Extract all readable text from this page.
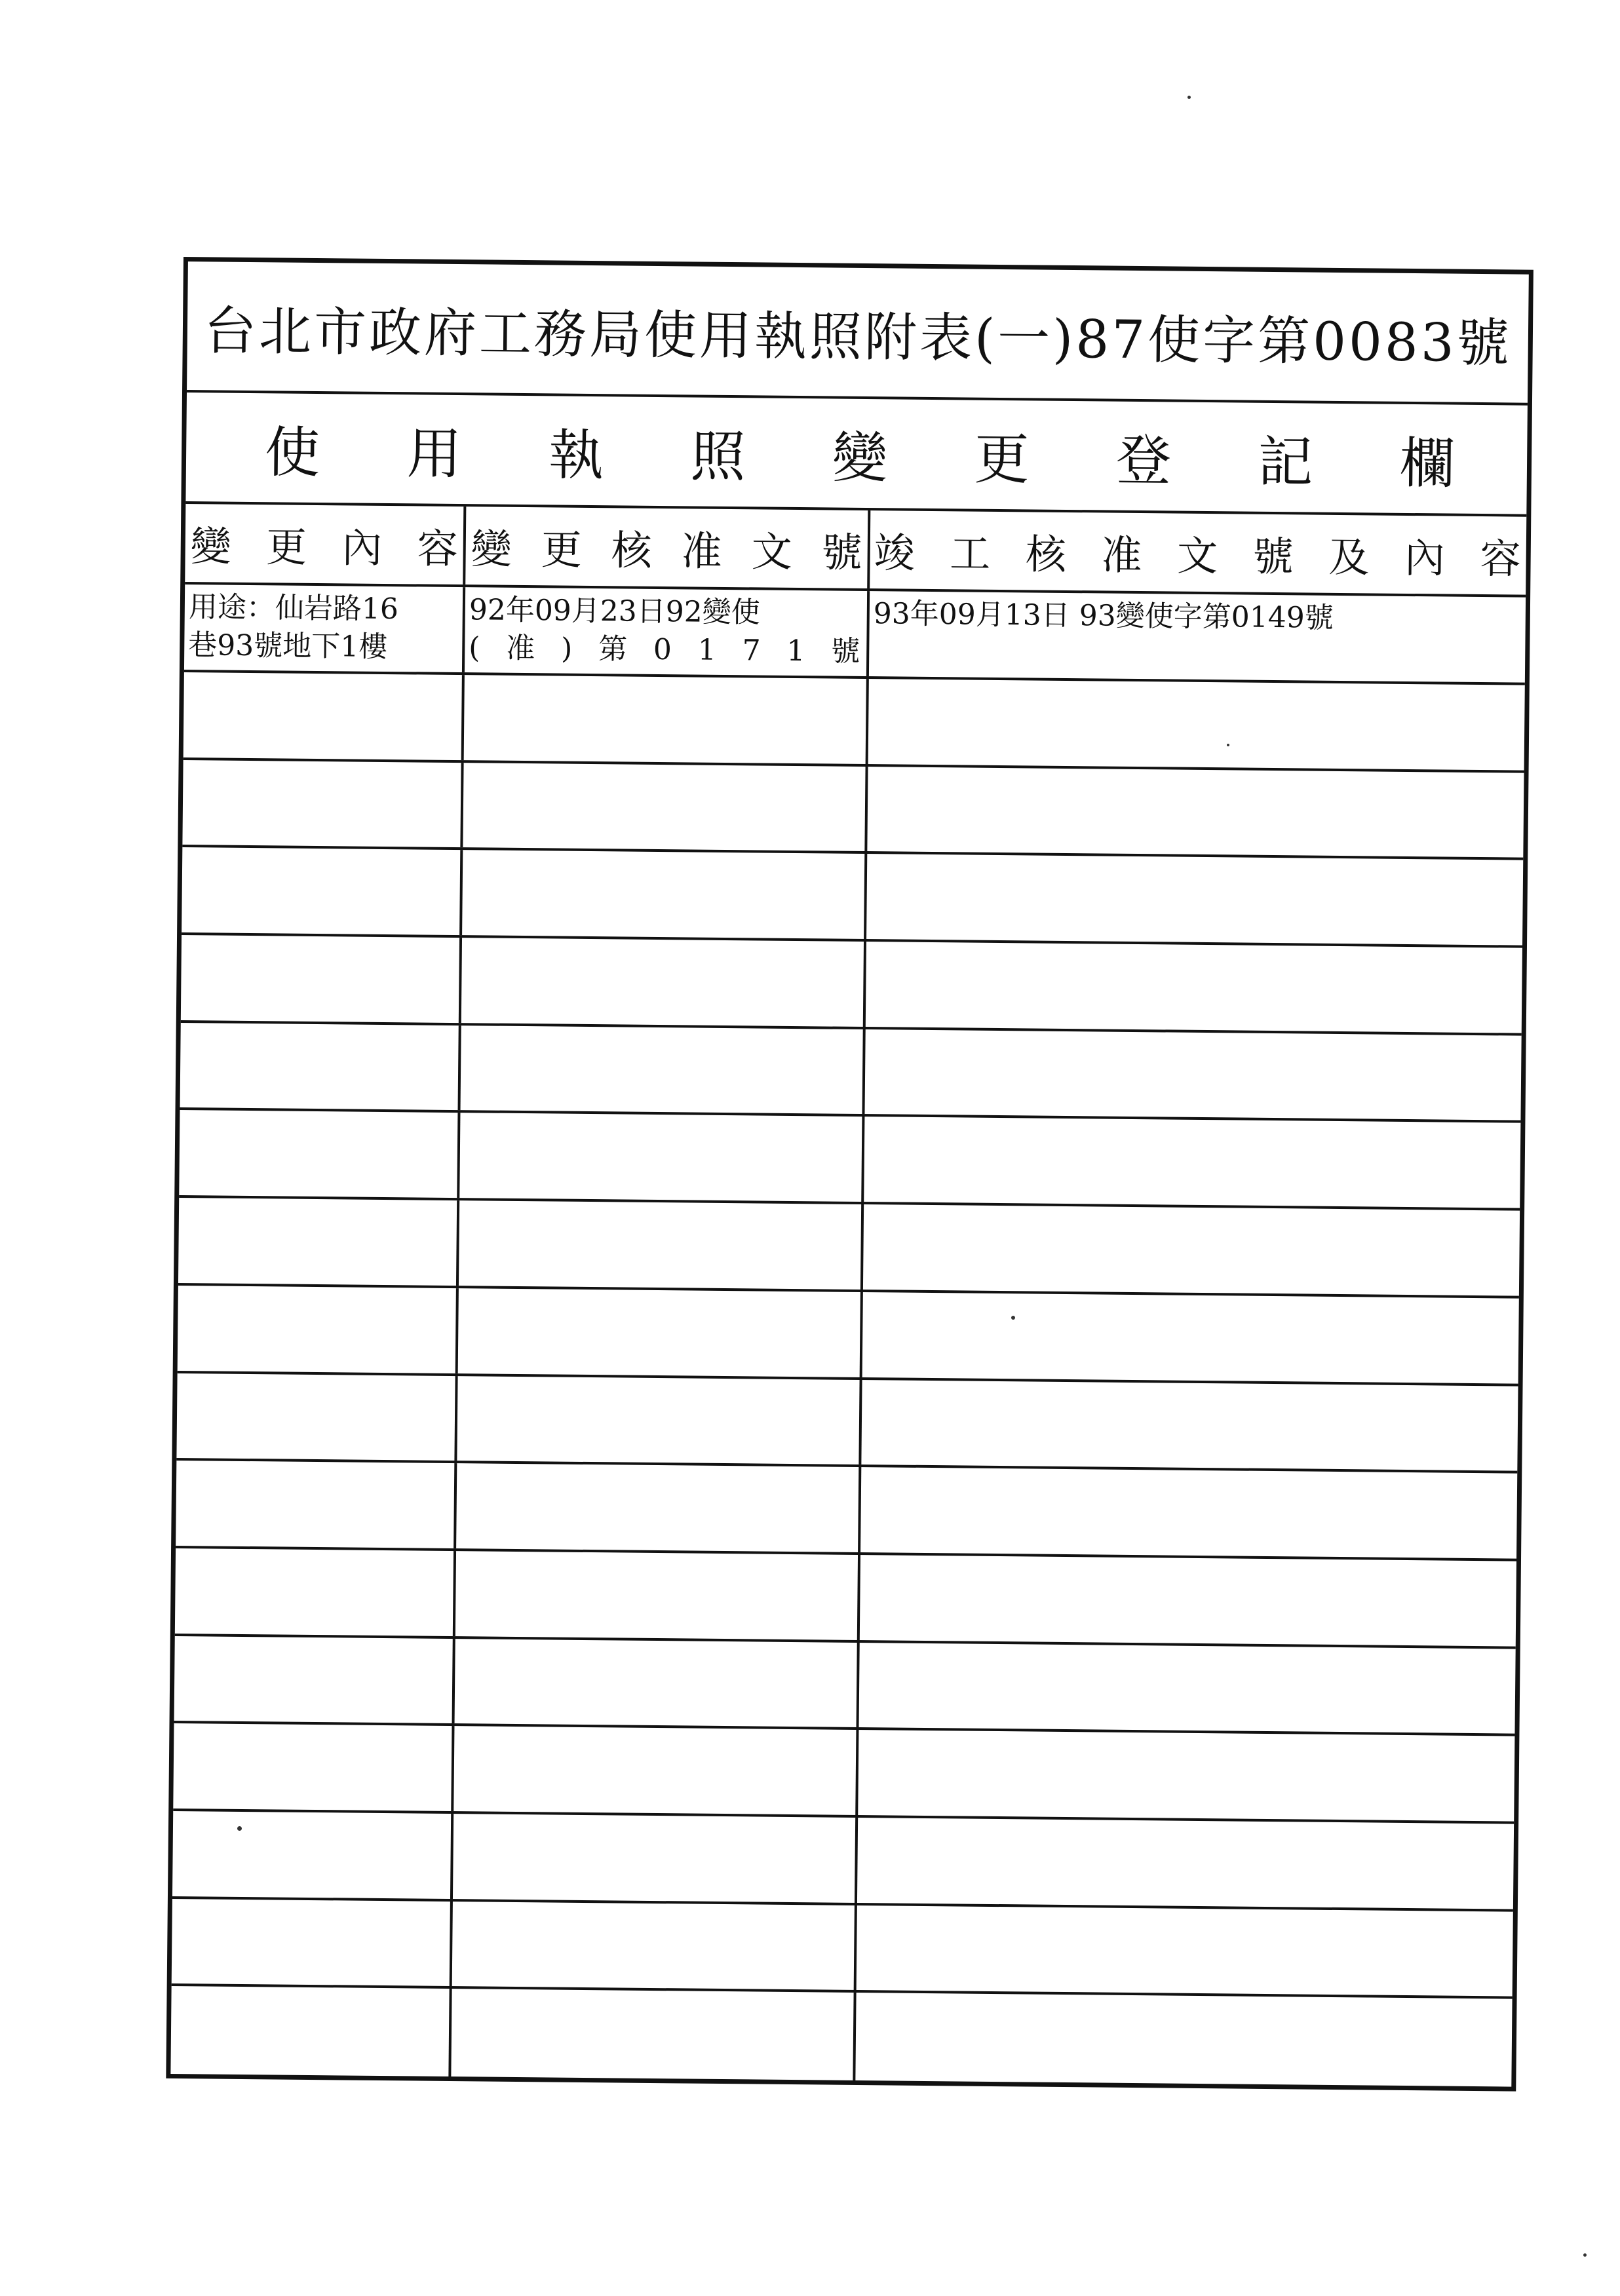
台北市政府工務局使用執照附表(一)87使字第0083號
使 用 執 照 變 更 登 記 欄
變 更 內 容 變 更 核 准 文 號 竣 工 核 准 文 號 及 內 容
用途：仙岩路16
巷93號地下1樓
92年09月23日92變使
( 准 ) 第 0 1 7 1 號
93年09月13日 93變使字第0149號
